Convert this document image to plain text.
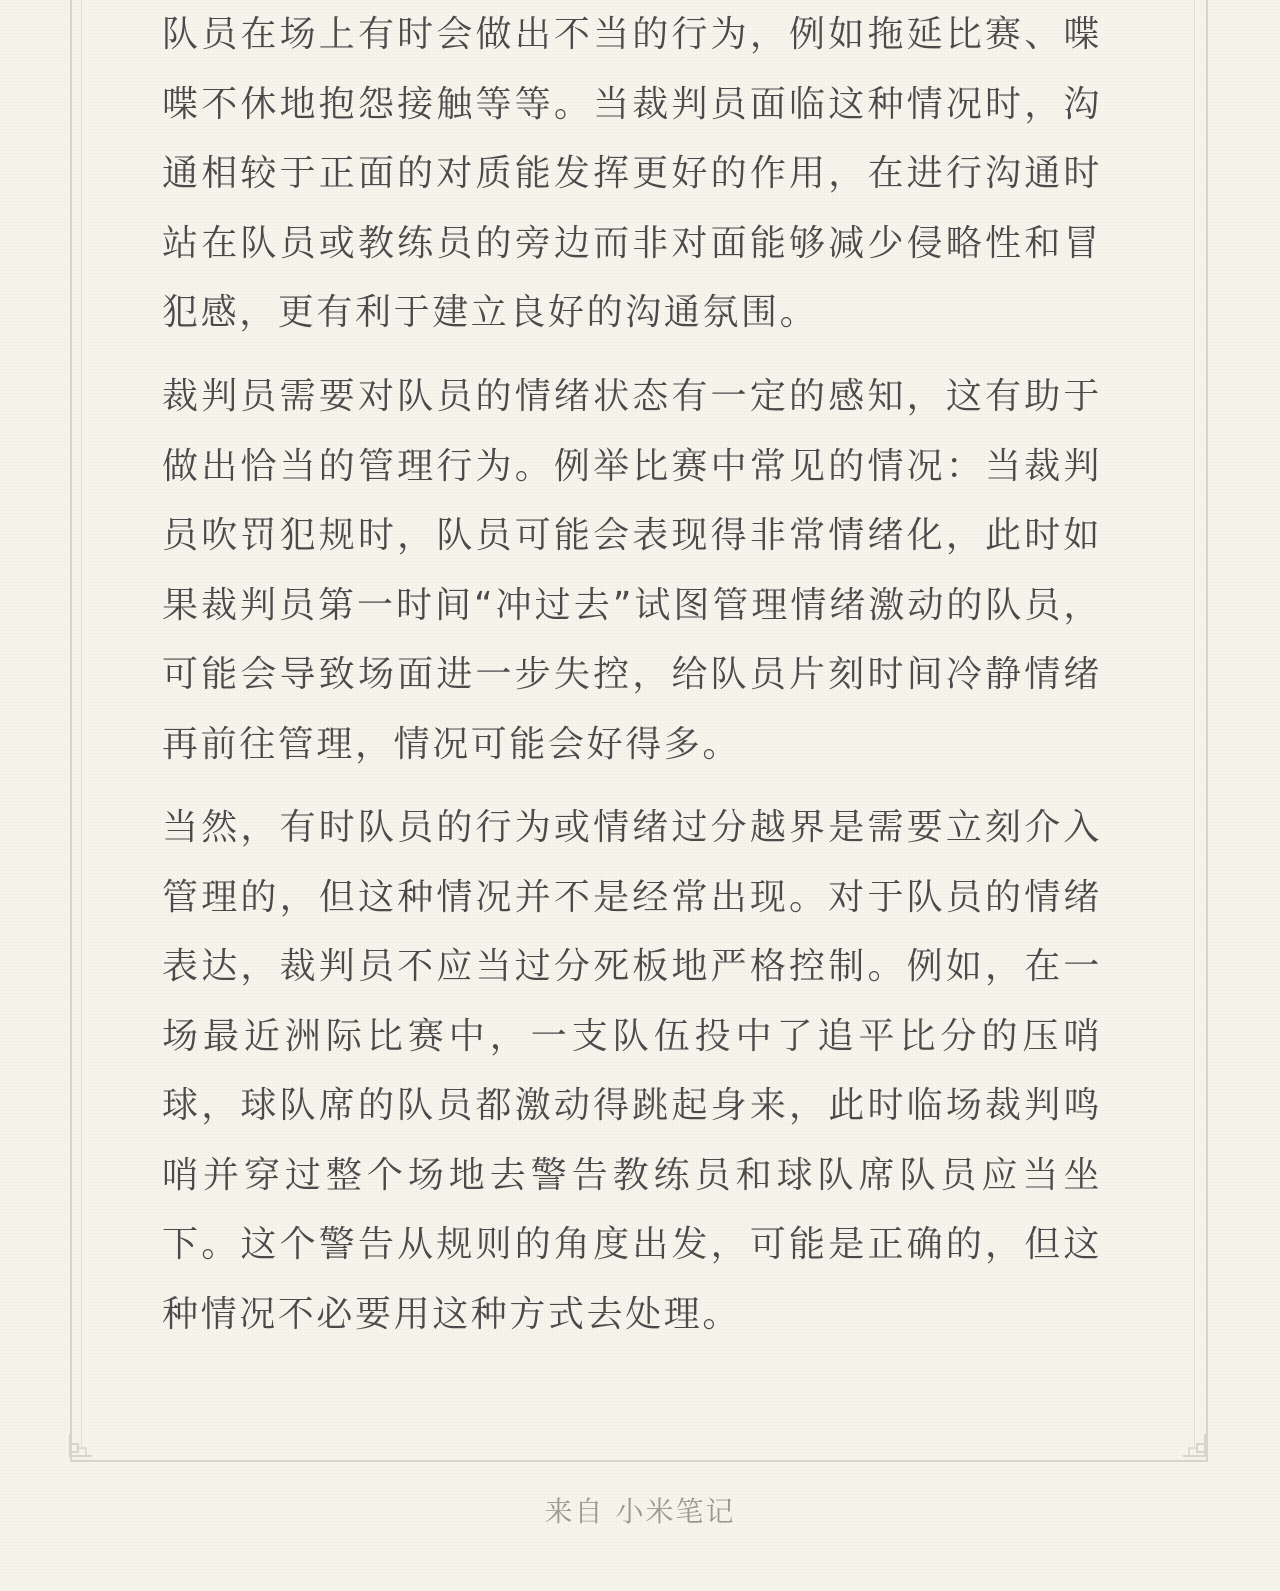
队员在场上有时会做出不当的行为，例如拖延比赛、喋喋不休地抱怨接触等等。当裁判员面临这种情况时，沟通相较于正面的对质能发挥更好的作用，在进行沟通时站在队员或教练员的旁边而非对面能够减少侵略性和冒犯感，更有利于建立良好的沟通氛围。

裁判员需要对队员的情绪状态有一定的感知，这有助于做出恰当的管理行为。例举比赛中常见的情况：当裁判员吹罚犯规时，队员可能会表现得非常情绪化，此时如果裁判员第一时间“冲过去”试图管理情绪激动的队员，可能会导致场面进一步失控，给队员片刻时间冷静情绪再前往管理，情况可能会好得多。

当然，有时队员的行为或情绪过分越界是需要立刻介入管理的，但这种情况并不是经常出现。对于队员的情绪表达，裁判员不应当过分死板地严格控制。例如，在一场最近洲际比赛中，一支队伍投中了追平比分的压哨球，球队席的队员都激动得跳起身来，此时临场裁判鸣哨并穿过整个场地去警告教练员和球队席队员应当坐下。这个警告从规则的角度出发，可能是正确的，但这种情况不必要用这种方式去处理。

来自 小米笔记
